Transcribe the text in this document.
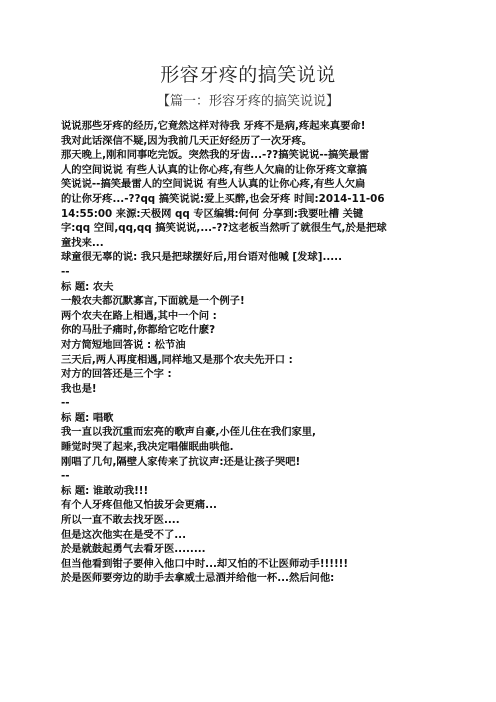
形容牙疼的搞笑说说
【篇一：形容牙疼的搞笑说说】
说说那些牙疼的经历,它竟然这样对待我 牙疼不是病,疼起来真要命!
我对此话深信不疑,因为我前几天正好经历了一次牙疼。
那天晚上,刚和同事吃完饭。突然我的牙齿...-??搞笑说说--搞笑最雷
人的空间说说 有些人认真的让你心疼,有些人欠扁的让你牙疼文章搞
笑说说--搞笑最雷人的空间说说 有些人认真的让你心疼,有些人欠扁
的让你牙疼...-??qq 搞笑说说:爱上买醉,也会牙疼 时间:2014-11-06
14:55:00 来源:天极网 qq 专区编辑:何何 分享到:我要吐槽 关键
字:qq 空间,qq,qq 搞笑说说,...-??这老板当然听了就很生气,於是把球
童找来...
球童很无辜的说: 我只是把球摆好后,用台语对他喊 [发球].....
--
标 题: 农夫
一般农夫都沉默寡言,下面就是一个例子!
两个农夫在路上相遇,其中一个问 :
你的马肚子痛时,你都给它吃什麽?
对方简短地回答说 : 松节油
三天后,两人再度相遇,同样地又是那个农夫先开口 :
对方的回答还是三个字 :
我也是!
--
标 题: 唱歌
我一直以我沉重而宏亮的歌声自豪,小侄儿住在我们家里,
睡觉时哭了起来,我决定唱催眠曲哄他.
刚唱了几句,隔壁人家传来了抗议声:还是让孩子哭吧!
--
标 题: 谁敢动我!!!
有个人牙疼但他又怕拔牙会更痛...
所以一直不敢去找牙医....
但是这次他实在是受不了...
於是就鼓起勇气去看牙医........
但当他看到钳子要伸入他口中时...却又怕的不让医师动手!!!!!!
於是医师要旁边的助手去拿威士忌酒并给他一杯...然后问他:
